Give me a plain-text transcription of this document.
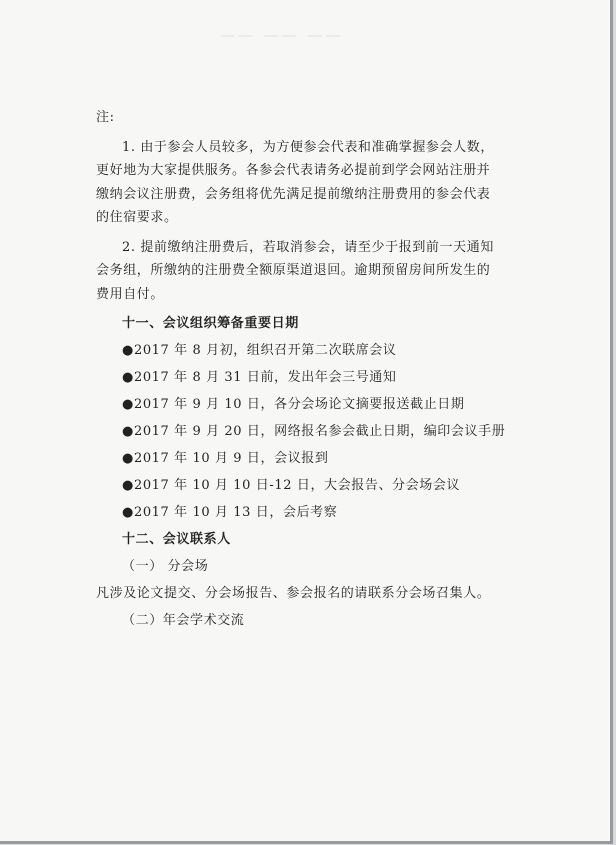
—— —— ——
注:
1. 由于参会人员较多，为方便参会代表和准确掌握参会人数，
更好地为大家提供服务。各参会代表请务必提前到学会网站注册并
缴纳会议注册费，会务组将优先满足提前缴纳注册费用的参会代表
的住宿要求。
2. 提前缴纳注册费后，若取消参会，请至少于报到前一天通知
会务组，所缴纳的注册费全额原渠道退回。逾期预留房间所发生的
费用自付。
十一、会议组织筹备重要日期
●2017 年 8 月初，组织召开第二次联席会议
●2017 年 8 月 31 日前，发出年会三号通知
●2017 年 9 月 10 日，各分会场论文摘要报送截止日期
●2017 年 9 月 20 日，网络报名参会截止日期，编印会议手册
●2017 年 10 月 9 日，会议报到
●2017 年 10 月 10 日-12 日，大会报告、分会场会议
●2017 年 10 月 13 日，会后考察
十二、会议联系人
（一） 分会场
凡涉及论文提交、分会场报告、参会报名的请联系分会场召集人。
（二）年会学术交流
